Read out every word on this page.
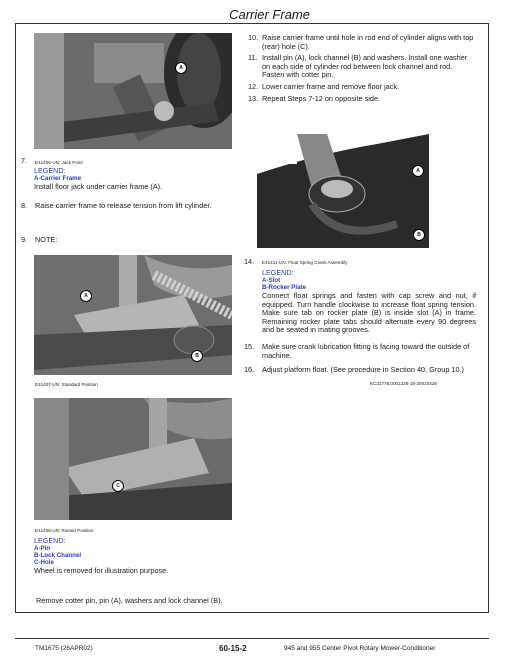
Carrier Frame
A
E41406-UN: Jack Point
7.
LEGEND:
A-Carrier Frame
Install floor jack under carrier frame (A).
8. Raise carrier frame to release tension from lift cylinder.
9. NOTE:
10. Raise carrier frame until hole in rod end of cylinder aligns with top (rear) hole (C).
11. Install pin (A), lock channel (B) and washers. Install one washer on each side of cylinder rod between lock channel and rod. Fasten with cotter pin.
12. Lower carrier frame and remove floor jack.
13. Repeat Steps 7-12 on opposite side.
A
B
A
B
E41407-UN: Standard Position
14. E41411-UN: Float Spring Crank Assembly
LEGEND:
A-Slot
B-Rocker Plate
Connect float springs and fasten with cap screw and nut, if equipped. Turn handle clockwise to increase float spring tension. Make sure tab on rocker plate (B) is inside slot (A) in frame. Remaining rocker plate tabs should alternate every 90 degrees and be seated in mating grooves.
15.	Make sure crank lubrication fitting is facing toward the outside of machine.
16.	Adjust platform float. (See procedure in Section 40, Group 10.)
KC31778,0001328-19-20020426
C
E41408-UN: Raised Position
LEGEND:
A-Pin
B-Lock Channel
C-Hole
Wheel is removed for illustration purpose.
Remove cotter pin, pin (A), washers and lock channel (B).
TM1675 (26APR02)	60-15-2	945 and 955 Center Pivot Rotary Mower-Conditioner
